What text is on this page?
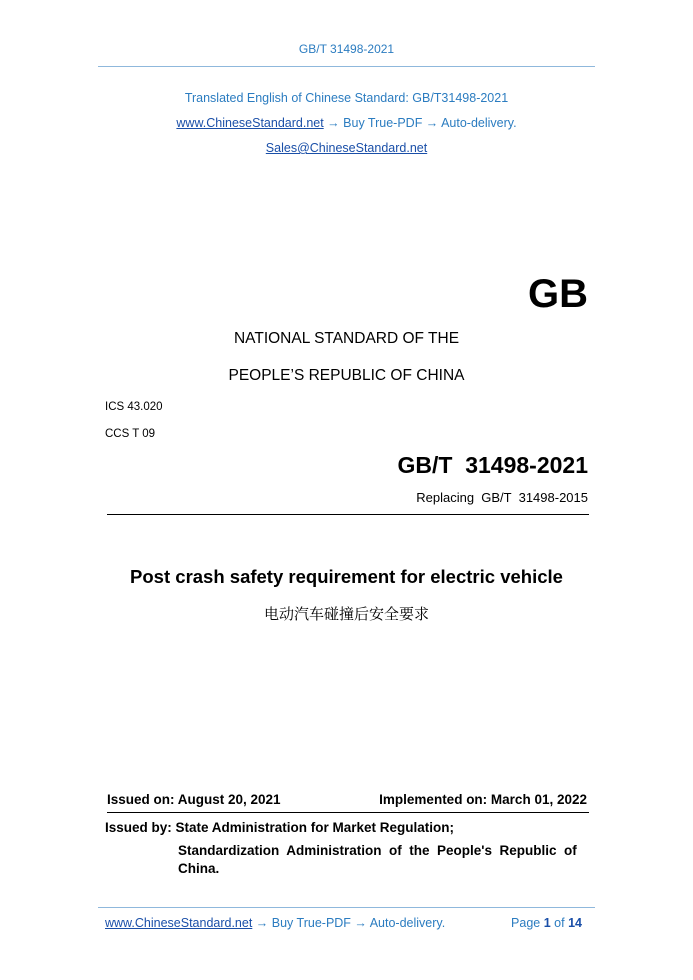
GB/T 31498-2021
Translated English of Chinese Standard: GB/T31498-2021
www.ChineseStandard.net → Buy True-PDF → Auto-delivery.
Sales@ChineseStandard.net
GB
NATIONAL STANDARD OF THE
PEOPLE’S REPUBLIC OF CHINA
ICS 43.020
CCS T 09
GB/T  31498-2021
Replacing  GB/T  31498-2015
Post crash safety requirement for electric vehicle
电动汽车碰撞后安全要求
Issued on: August 20, 2021	Implemented on: March 01, 2022
Issued by: State Administration for Market Regulation;
Standardization  Administration  of  the  People's  Republic  of
China.
www.ChineseStandard.net → Buy True-PDF → Auto-delivery.	Page 1 of 14
